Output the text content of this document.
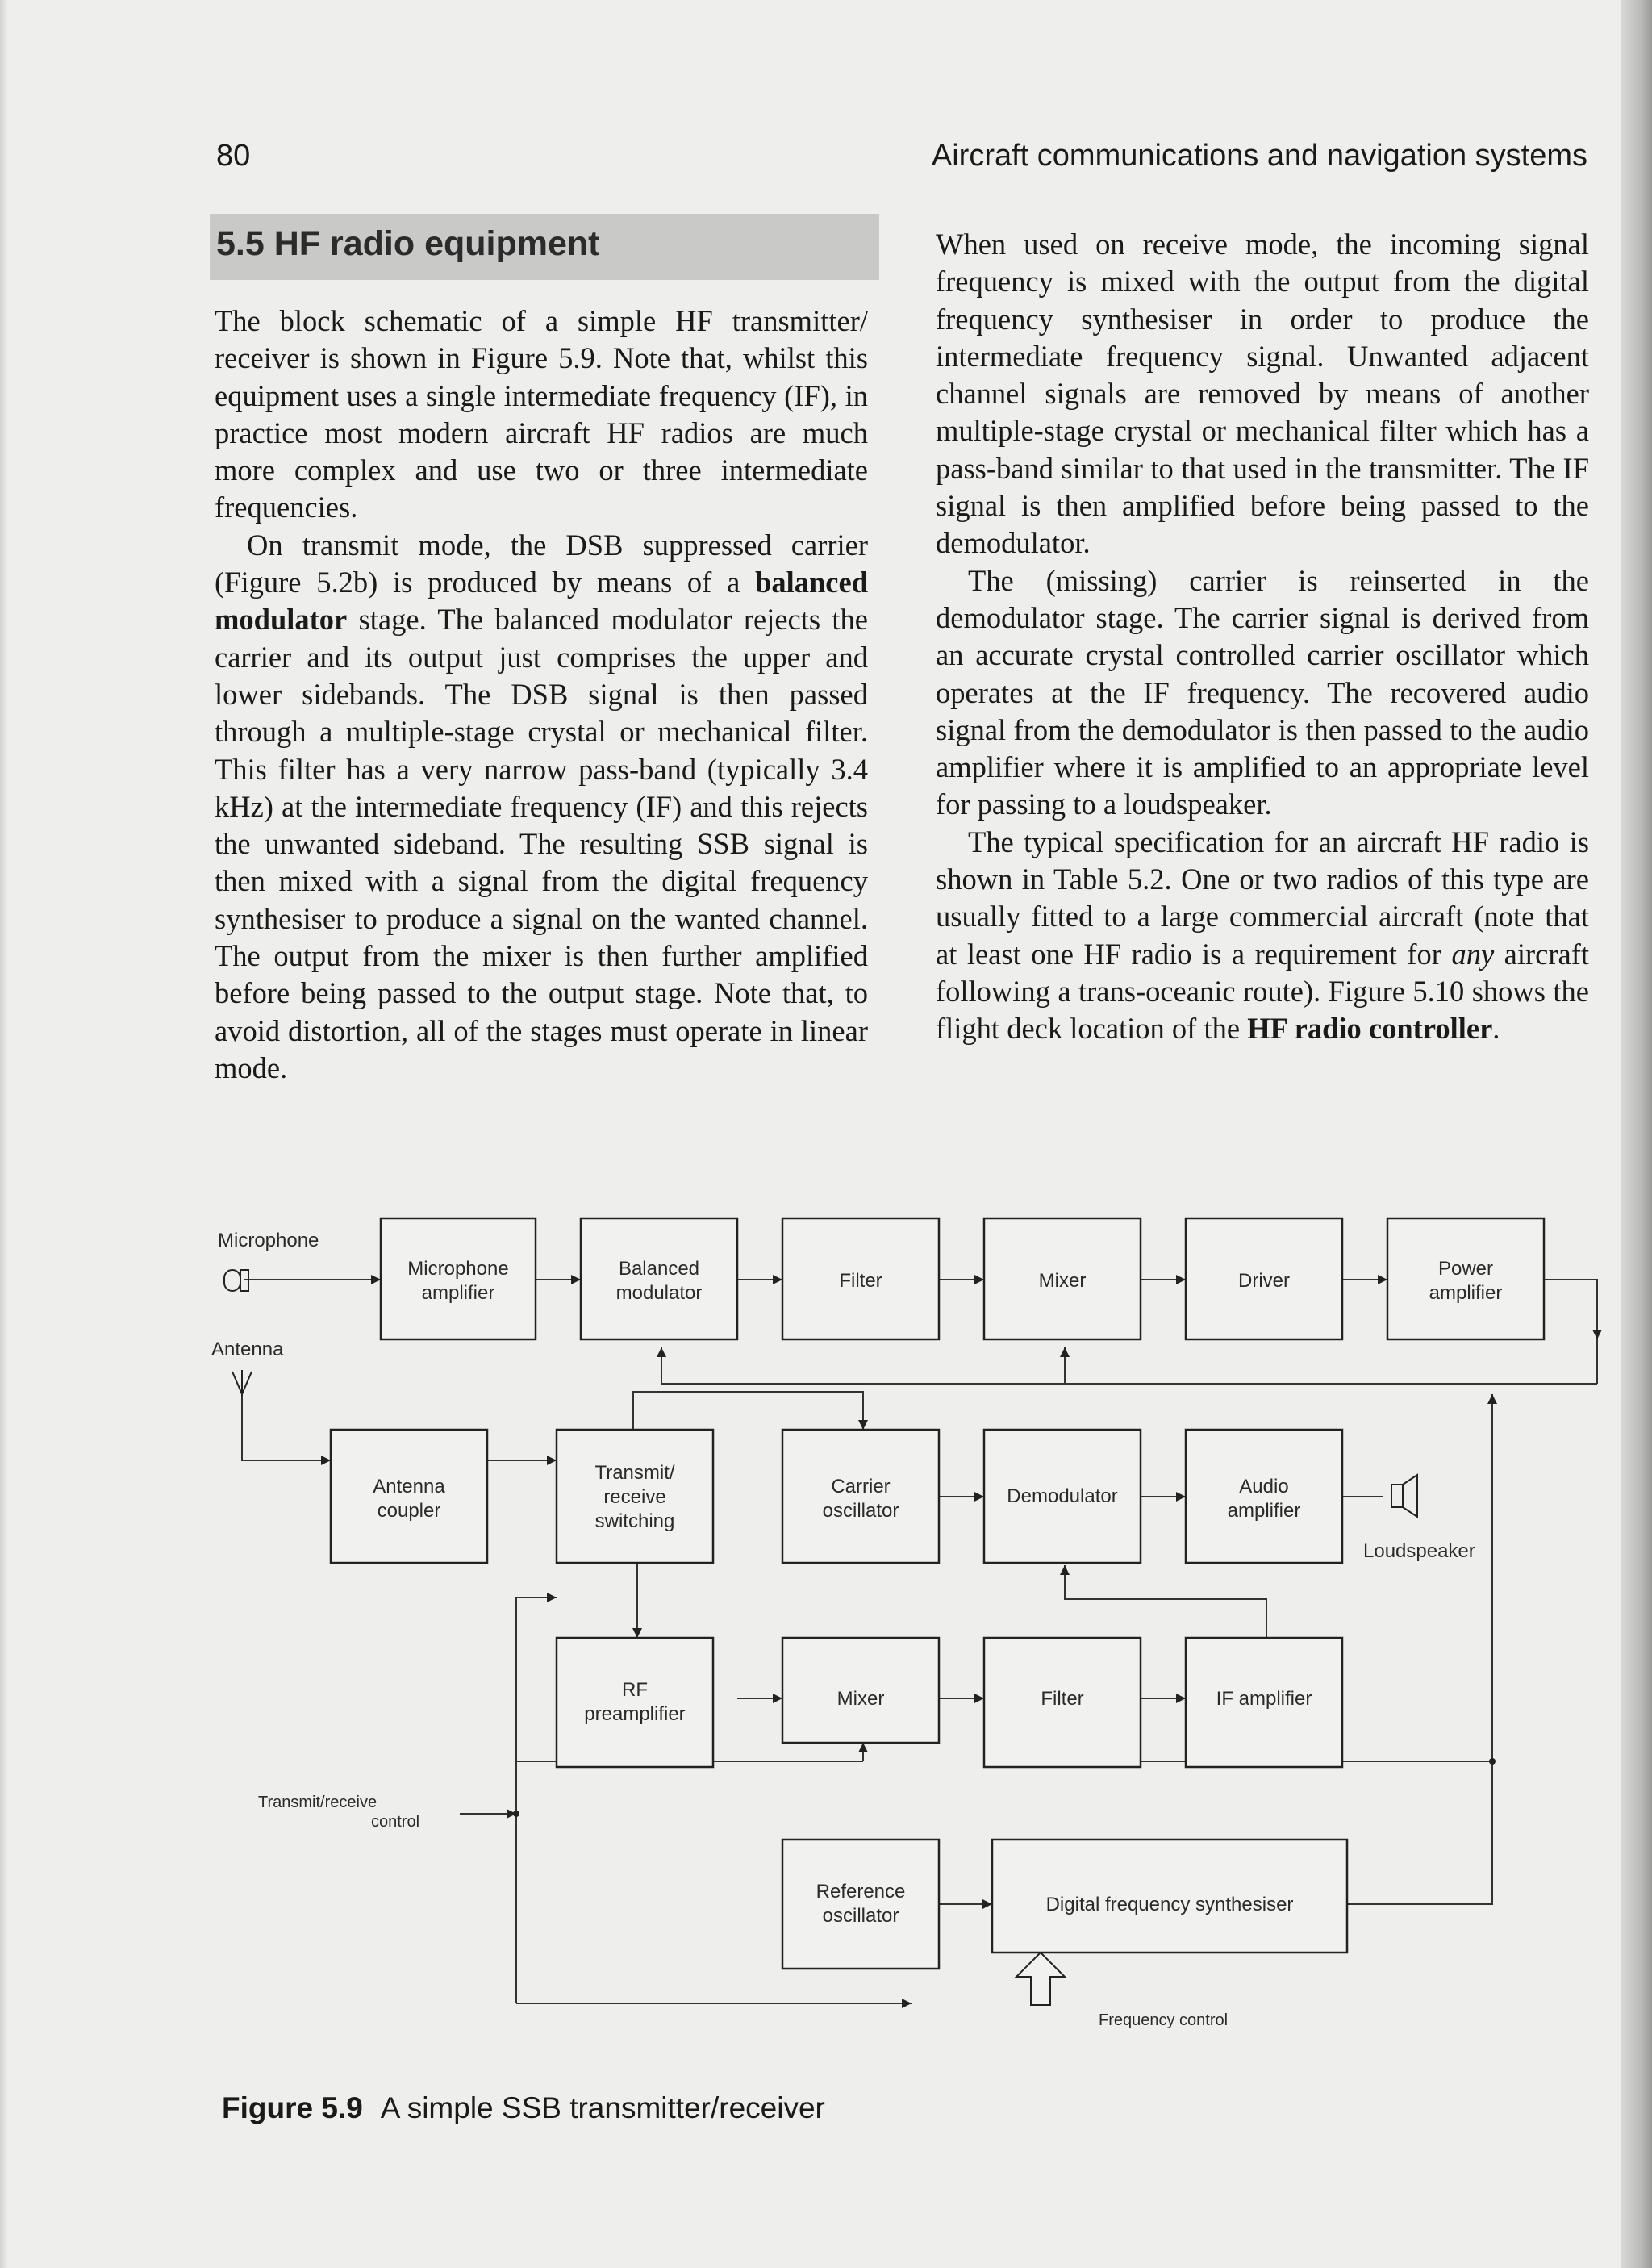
80	Aircraft communications and navigation systems
5.5 HF radio equipment

The block schematic of a simple HF transmitter/ receiver is shown in Figure 5.9. Note that, whilst this equipment uses a single intermediate frequency (IF), in practice most modern aircraft HF radios are much more complex and use two or three intermediate frequencies.

On transmit mode, the DSB suppressed carrier (Figure 5.2b) is produced by means of a balanced modulator stage. The balanced modulator rejects the carrier and its output just comprises the upper and lower sidebands. The DSB signal is then passed through a multiple-stage crystal or mechanical filter. This filter has a very narrow pass-band (typically 3.4 kHz) at the intermediate frequency (IF) and this rejects the unwanted sideband. The resulting SSB signal is then mixed with a signal from the digital frequency synthesiser to produce a signal on the wanted channel. The output from the mixer is then further amplified before being passed to the output stage. Note that, to avoid distortion, all of the stages must operate in linear mode.

When used on receive mode, the incoming signal frequency is mixed with the output from the digital frequency synthesiser in order to produce the intermediate frequency signal. Unwanted adjacent channel signals are removed by means of another multiple-stage crystal or mechanical filter which has a pass-band similar to that used in the transmitter. The IF signal is then amplified before being passed to the demodulator.

The (missing) carrier is reinserted in the demodulator stage. The carrier signal is derived from an accurate crystal controlled carrier oscillator which operates at the IF frequency. The recovered audio signal from the demodulator is then passed to the audio amplifier where it is amplified to an appropriate level for passing to a loudspeaker.

The typical specification for an aircraft HF radio is shown in Table 5.2. One or two radios of this type are usually fitted to a large commercial aircraft (note that at least one HF radio is a requirement for any aircraft following a trans-oceanic route). Figure 5.10 shows the flight deck location of the HF radio controller.

Microphone
Antenna
Loudspeaker
Transmit/receive
control
Frequency control
Microphone
amplifier
Balanced
modulator
Filter	Mixer	Driver
Power
amplifier
Antenna
coupler
Transmit/
receive
switching
Carrier
oscillator
Demodulator	Audio
amplifier
RF
preamplifier
Mixer	Filter	IF amplifier
Reference
oscillator
Digital frequency synthesiser
Figure 5.9 A simple SSB transmitter/receiver
